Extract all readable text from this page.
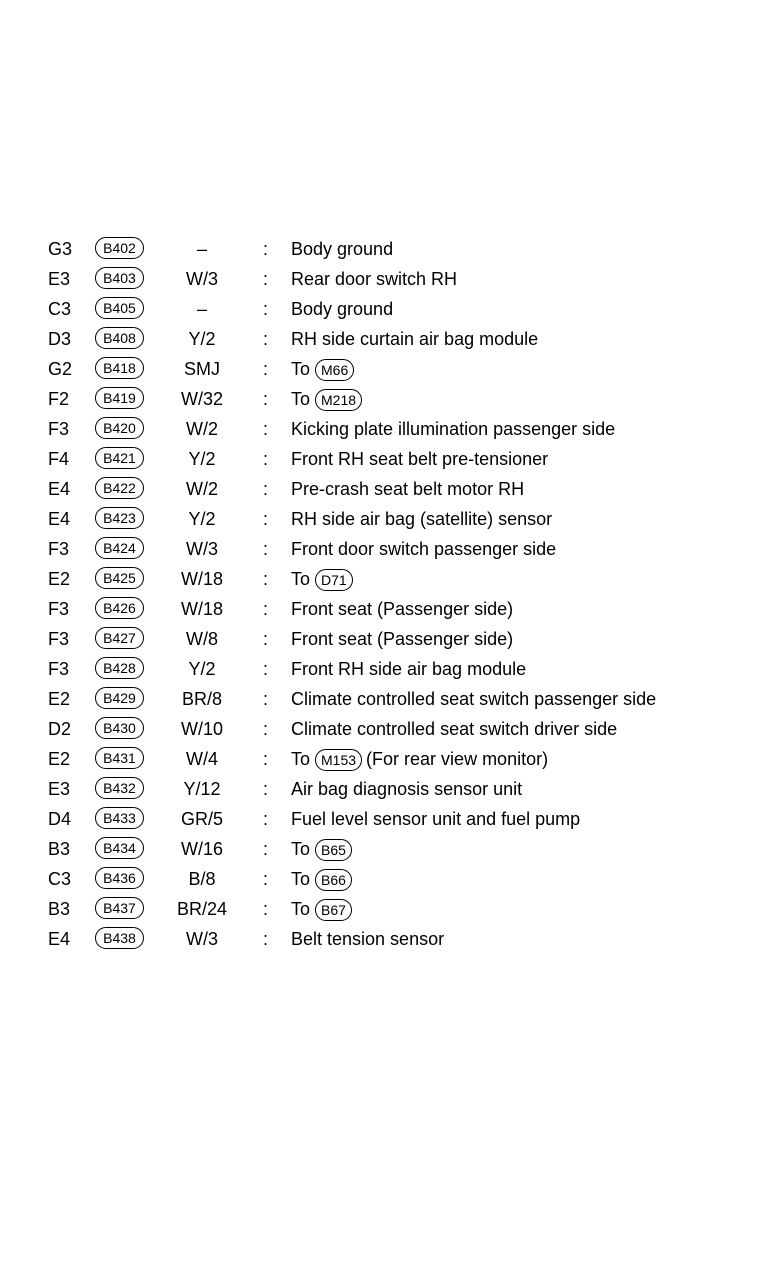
G3	B402	–	: Body ground
E3	B403	W/3	: Rear door switch RH
C3	B405	–	: Body ground
D3	B408	Y/2	: RH side curtain air bag module
G2	B418	SMJ	: To M66
F2	B419	W/32	: To M218
F3	B420	W/2	: Kicking plate illumination passenger side
F4	B421	Y/2	: Front RH seat belt pre-tensioner
E4	B422	W/2	: Pre-crash seat belt motor RH
E4	B423	Y/2	: RH side air bag (satellite) sensor
F3	B424	W/3	: Front door switch passenger side
E2	B425	W/18	: To D71
F3	B426	W/18	: Front seat (Passenger side)
F3	B427	W/8	: Front seat (Passenger side)
F3	B428	Y/2	: Front RH side air bag module
E2	B429	BR/8	: Climate controlled seat switch passenger side
D2	B430	W/10	: Climate controlled seat switch driver side
E2	B431	W/4	: To M153 (For rear view monitor)
E3	B432	Y/12	: Air bag diagnosis sensor unit
D4	B433	GR/5	: Fuel level sensor unit and fuel pump
B3	B434	W/16	: To B65
C3	B436	B/8	: To B66
B3	B437	BR/24	: To B67
E4	B438	W/3	: Belt tension sensor
